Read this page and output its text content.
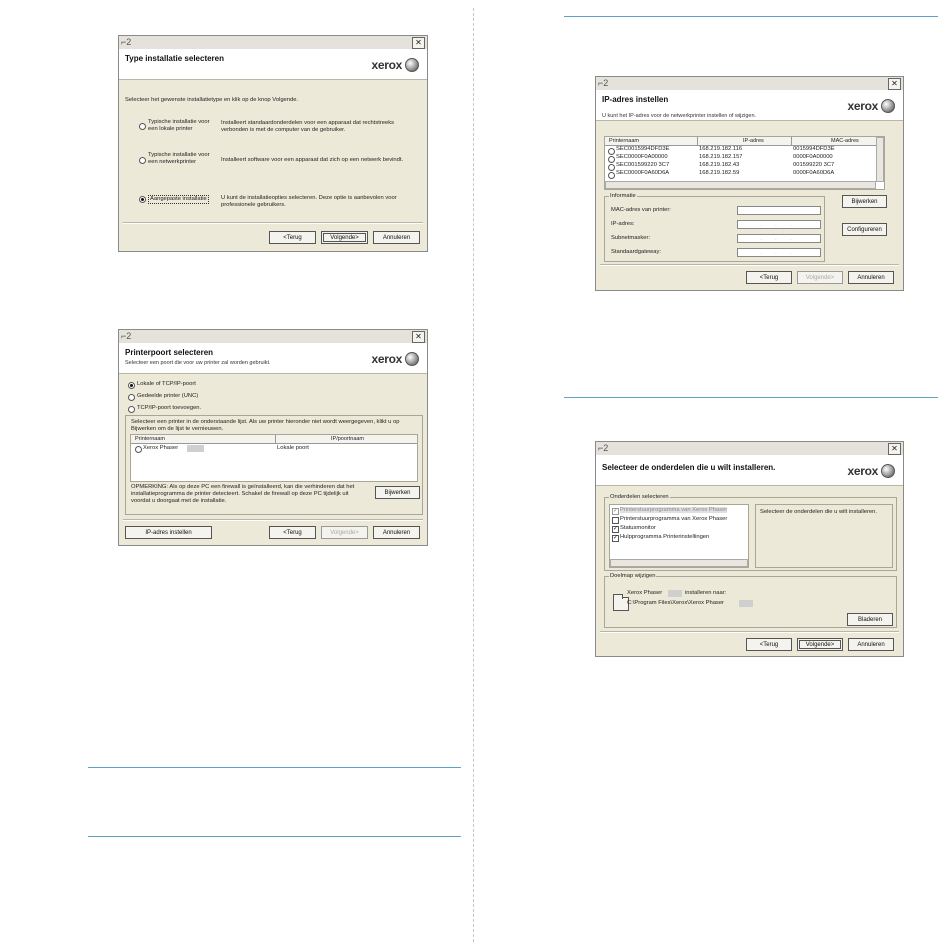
⌐2	✕
Type installatie selecteren	xerox
Selecteer het gewenste installatietype en klik op de knop Volgende.
Typische installatie voor een lokale printer
Installeert standaardonderdelen voor een apparaat dat rechtstreeks verbonden is met de computer van de gebruiker.
Typische installatie voor een netwerkprinter	Installeert software voor een apparaat dat zich op een netwerk bevindt.
Aangepaste installatie	U kunt de installatieopties selecteren. Deze optie is aanbevolen voor professionele gebruikers.
<Terug	Volgende>	Annuleren
⌐2	✕
Printerpoort selecteren
Selecteer een poort die voor uw printer zal worden gebruikt.	xerox
Lokale of TCP/IP-poort
Gedeelde printer (UNC)
TCP/IP-poort toevoegen.
Selecteer een printer in de onderstaande lijst. Als uw printer hieronder niet wordt weergegeven, klikt u op Bijwerken om de lijst te vernieuwen.
Printernaam	IP/poortnaam
Xerox Phaser	Lokale poort
OPMERKING: Als op deze PC een firewall is geïnstalleerd, kan die verhinderen dat het installatieprogramma de printer detecteert. Schakel de firewall op deze PC tijdelijk uit voordat u doorgaat met de installatie.
Bijwerken
IP-adres instellen	<Terug	Volgende>	Annuleren
⌐2	✕
IP-adres instellen
U kunt het IP-adres voor de netwerkprinter instellen of wijzigen.
xerox
Printernaam	IP-adres	MAC-adres
SEC0015994DFD3E	168.219.182.116	0015994DFD3E
SEC0000F0A00000	168.219.182.157	0000F0A00000
SEC001599220 3C7	168.219.182.43	001599220 3C7
SEC0000F0A60D6A	168.219.182.59	0000F0A60D6A
Informatie
MAC-adres van printer:
IP-adres:	. . .
Subnetmasker:	. . .
Standaardgateway:	. . .
Bijwerken
Configureren
<Terug	Volgende>	Annuleren
⌐2	✕
Selecteer de onderdelen die u wilt installeren.	xerox
Onderdelen selecteren
✓ Printerstuurprogramma van Xerox Phaser
Printerstuurprogramma van Xerox Phaser
✓ Statusmonitor
✓ Hulpprogramma Printerinstellingen
Selecteer de onderdelen die u wilt installeren.
Doelmap wijzigen
Xerox Phaser	installeren naar:
C:\Program Files\Xerox\Xerox Phaser
Bladeren
<Terug	Volgende>	Annuleren
